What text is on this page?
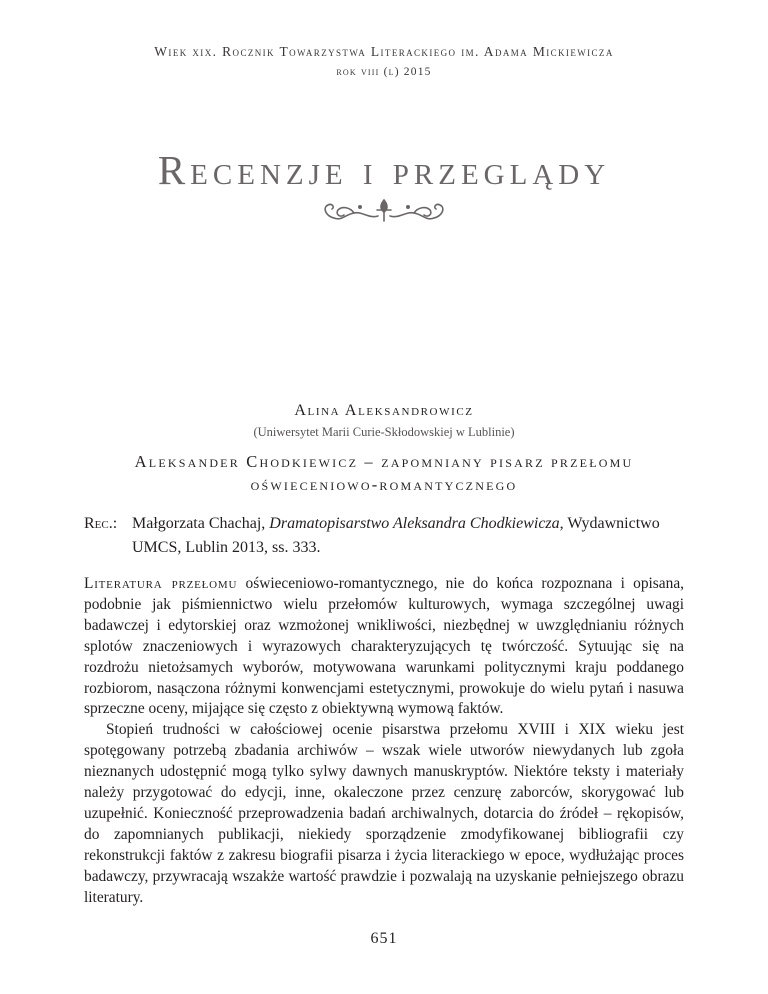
Wiek xix. Rocznik Towarzystwa Literackiego im. Adama Mickiewicza
rok viii (l) 2015
Recenzje i przeglądy
Alina Aleksandrowicz
(Uniwersytet Marii Curie-Skłodowskiej w Lublinie)
Aleksander Chodkiewicz – zapomniany pisarz przełomu
oświeceniowo-romantycznego
Rec.: Małgorzata Chachaj, Dramatopisarstwo Aleksandra Chodkiewicza, Wydawnictwo UMCS, Lublin 2013, ss. 333.

Literatura przełomu oświeceniowo-romantycznego, nie do końca rozpoznana i opisana, podobnie jak piśmiennictwo wielu przełomów kulturowych, wymaga szczególnej uwagi badawczej i edytorskiej oraz wzmożonej wnikliwości, niezbędnej w uwzględnianiu różnych splotów znaczeniowych i wyrazowych charakteryzujących tę twórczość. Sytuując się na rozdrożu nietożsamych wyborów, motywowana warunkami politycznymi kraju poddanego rozbiorom, nasączona różnymi konwencjami estetycznymi, prowokuje do wielu pytań i nasuwa sprzeczne oceny, mijające się często z obiektywną wymową faktów.

Stopień trudności w całościowej ocenie pisarstwa przełomu XVIII i XIX wieku jest spotęgowany potrzebą zbadania archiwów – wszak wiele utworów niewydanych lub zgoła nieznanych udostępnić mogą tylko sylwy dawnych manuskryptów. Niektóre teksty i materiały należy przygotować do edycji, inne, okaleczone przez cenzurę zaborców, skorygować lub uzupełnić. Konieczność przeprowadzenia badań archiwalnych, dotarcia do źródeł – rękopisów, do zapomnianych publikacji, niekiedy sporządzenie zmodyfikowanej bibliografii czy rekonstrukcji faktów z zakresu biografii pisarza i życia literackiego w epoce, wydłużając proces badawczy, przywracają wszakże wartość prawdzie i pozwalają na uzyskanie pełniejszego obrazu literatury.

651
